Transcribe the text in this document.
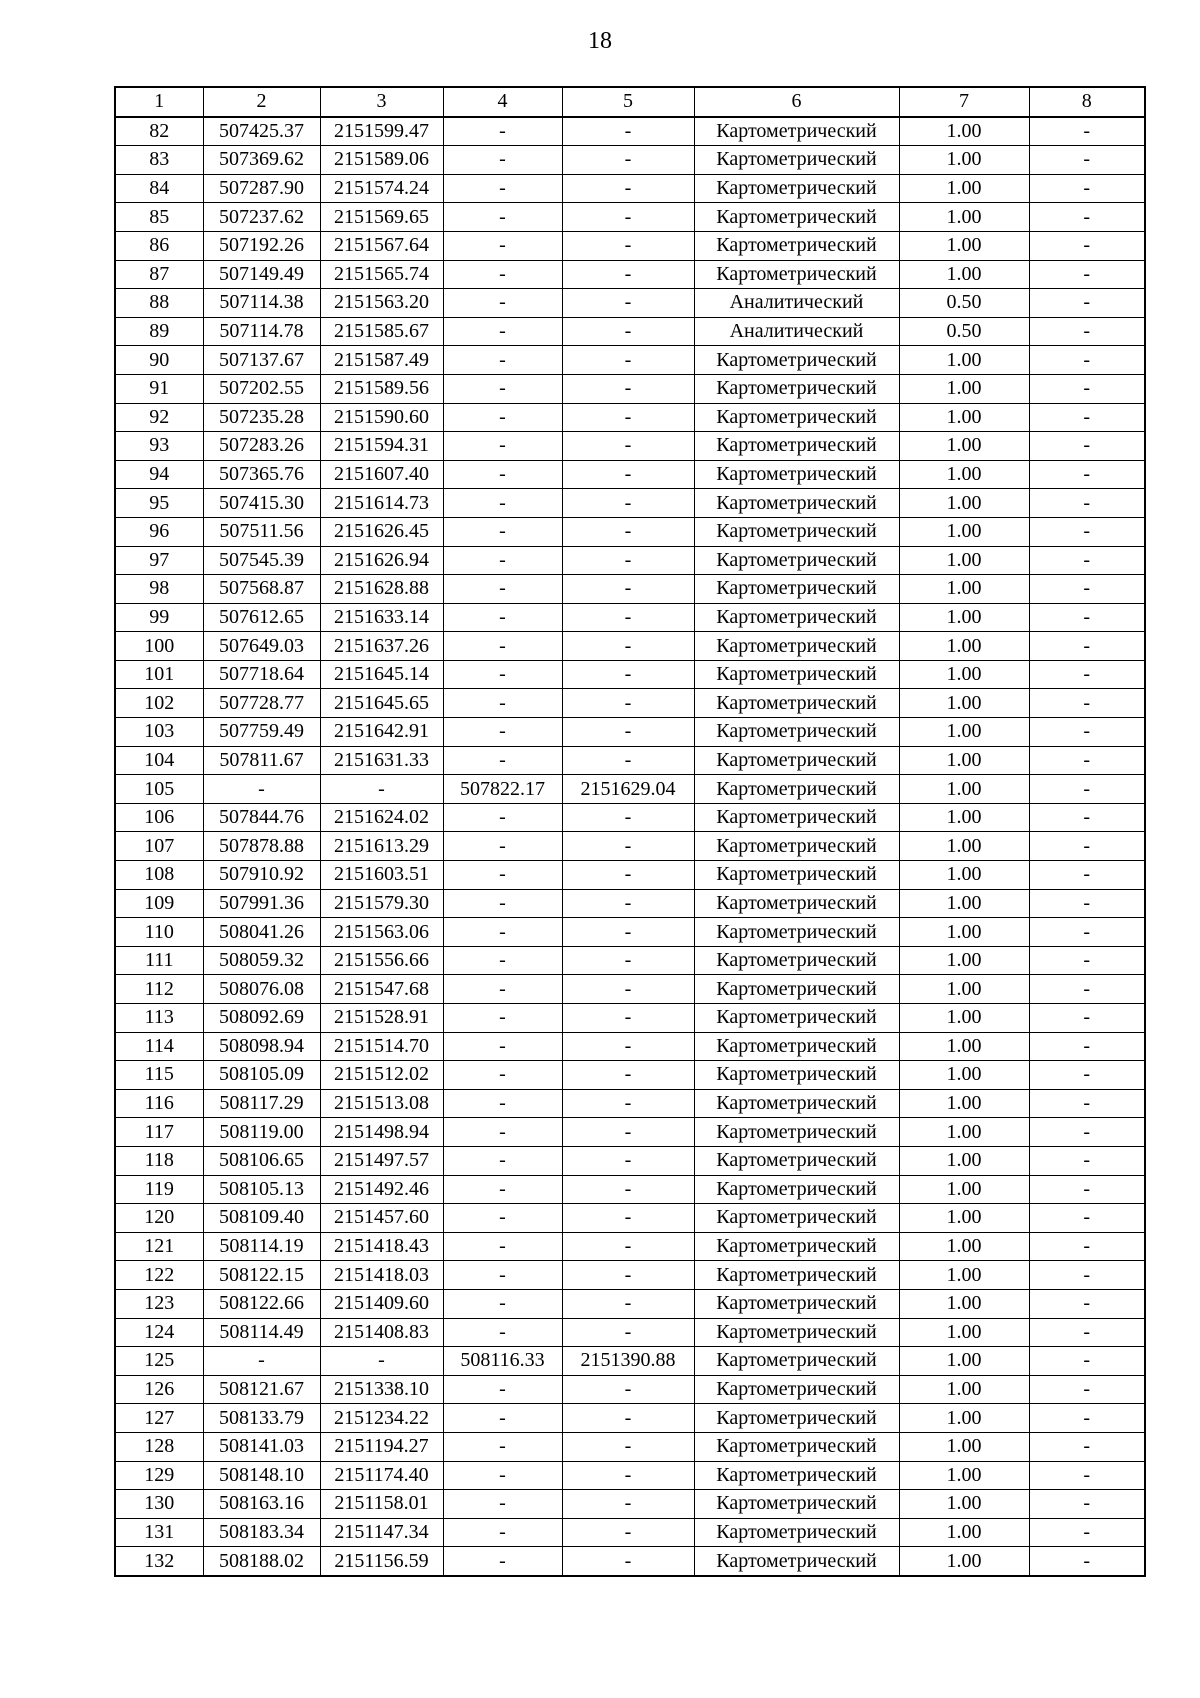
18
1	2	3	4	5	6	7	8
82	507425.37	2151599.47	-	-	Картометрический	1.00	-
83	507369.62	2151589.06	-	-	Картометрический	1.00	-
84	507287.90	2151574.24	-	-	Картометрический	1.00	-
85	507237.62	2151569.65	-	-	Картометрический	1.00	-
86	507192.26	2151567.64	-	-	Картометрический	1.00	-
87	507149.49	2151565.74	-	-	Картометрический	1.00	-
88	507114.38	2151563.20	-	-	Аналитический	0.50	-
89	507114.78	2151585.67	-	-	Аналитический	0.50	-
90	507137.67	2151587.49	-	-	Картометрический	1.00	-
91	507202.55	2151589.56	-	-	Картометрический	1.00	-
92	507235.28	2151590.60	-	-	Картометрический	1.00	-
93	507283.26	2151594.31	-	-	Картометрический	1.00	-
94	507365.76	2151607.40	-	-	Картометрический	1.00	-
95	507415.30	2151614.73	-	-	Картометрический	1.00	-
96	507511.56	2151626.45	-	-	Картометрический	1.00	-
97	507545.39	2151626.94	-	-	Картометрический	1.00	-
98	507568.87	2151628.88	-	-	Картометрический	1.00	-
99	507612.65	2151633.14	-	-	Картометрический	1.00	-
100	507649.03	2151637.26	-	-	Картометрический	1.00	-
101	507718.64	2151645.14	-	-	Картометрический	1.00	-
102	507728.77	2151645.65	-	-	Картометрический	1.00	-
103	507759.49	2151642.91	-	-	Картометрический	1.00	-
104	507811.67	2151631.33	-	-	Картометрический	1.00	-
105	-	-	507822.17	2151629.04	Картометрический	1.00	-
106	507844.76	2151624.02	-	-	Картометрический	1.00	-
107	507878.88	2151613.29	-	-	Картометрический	1.00	-
108	507910.92	2151603.51	-	-	Картометрический	1.00	-
109	507991.36	2151579.30	-	-	Картометрический	1.00	-
110	508041.26	2151563.06	-	-	Картометрический	1.00	-
111	508059.32	2151556.66	-	-	Картометрический	1.00	-
112	508076.08	2151547.68	-	-	Картометрический	1.00	-
113	508092.69	2151528.91	-	-	Картометрический	1.00	-
114	508098.94	2151514.70	-	-	Картометрический	1.00	-
115	508105.09	2151512.02	-	-	Картометрический	1.00	-
116	508117.29	2151513.08	-	-	Картометрический	1.00	-
117	508119.00	2151498.94	-	-	Картометрический	1.00	-
118	508106.65	2151497.57	-	-	Картометрический	1.00	-
119	508105.13	2151492.46	-	-	Картометрический	1.00	-
120	508109.40	2151457.60	-	-	Картометрический	1.00	-
121	508114.19	2151418.43	-	-	Картометрический	1.00	-
122	508122.15	2151418.03	-	-	Картометрический	1.00	-
123	508122.66	2151409.60	-	-	Картометрический	1.00	-
124	508114.49	2151408.83	-	-	Картометрический	1.00	-
125	-	-	508116.33	2151390.88	Картометрический	1.00	-
126	508121.67	2151338.10	-	-	Картометрический	1.00	-
127	508133.79	2151234.22	-	-	Картометрический	1.00	-
128	508141.03	2151194.27	-	-	Картометрический	1.00	-
129	508148.10	2151174.40	-	-	Картометрический	1.00	-
130	508163.16	2151158.01	-	-	Картометрический	1.00	-
131	508183.34	2151147.34	-	-	Картометрический	1.00	-
132	508188.02	2151156.59	-	-	Картометрический	1.00	-
